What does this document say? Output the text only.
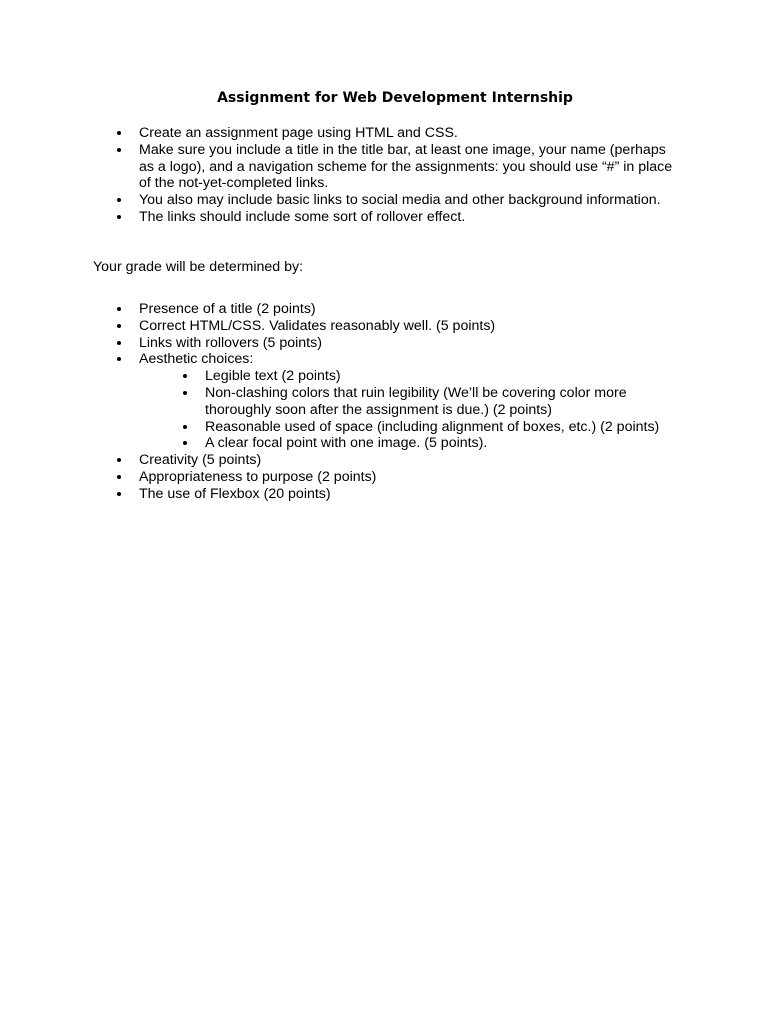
Assignment for Web Development Internship
Create an assignment page using HTML and CSS.
Make sure you include a title in the title bar, at least one image, your name (perhaps as a logo), and a navigation scheme for the assignments: you should use “#” in place of the not-yet-completed links.
You also may include basic links to social media and other background information.
The links should include some sort of rollover effect.

Your grade will be determined by:

Presence of a title (2 points)
Correct HTML/CSS. Validates reasonably well. (5 points)
Links with rollovers (5 points)
Aesthetic choices:
Legible text (2 points)
Non-clashing colors that ruin legibility (We’ll be covering color more thoroughly soon after the assignment is due.) (2 points)
Reasonable used of space (including alignment of boxes, etc.) (2 points)
A clear focal point with one image. (5 points).
Creativity (5 points)
Appropriateness to purpose (2 points)
The use of Flexbox (20 points)
